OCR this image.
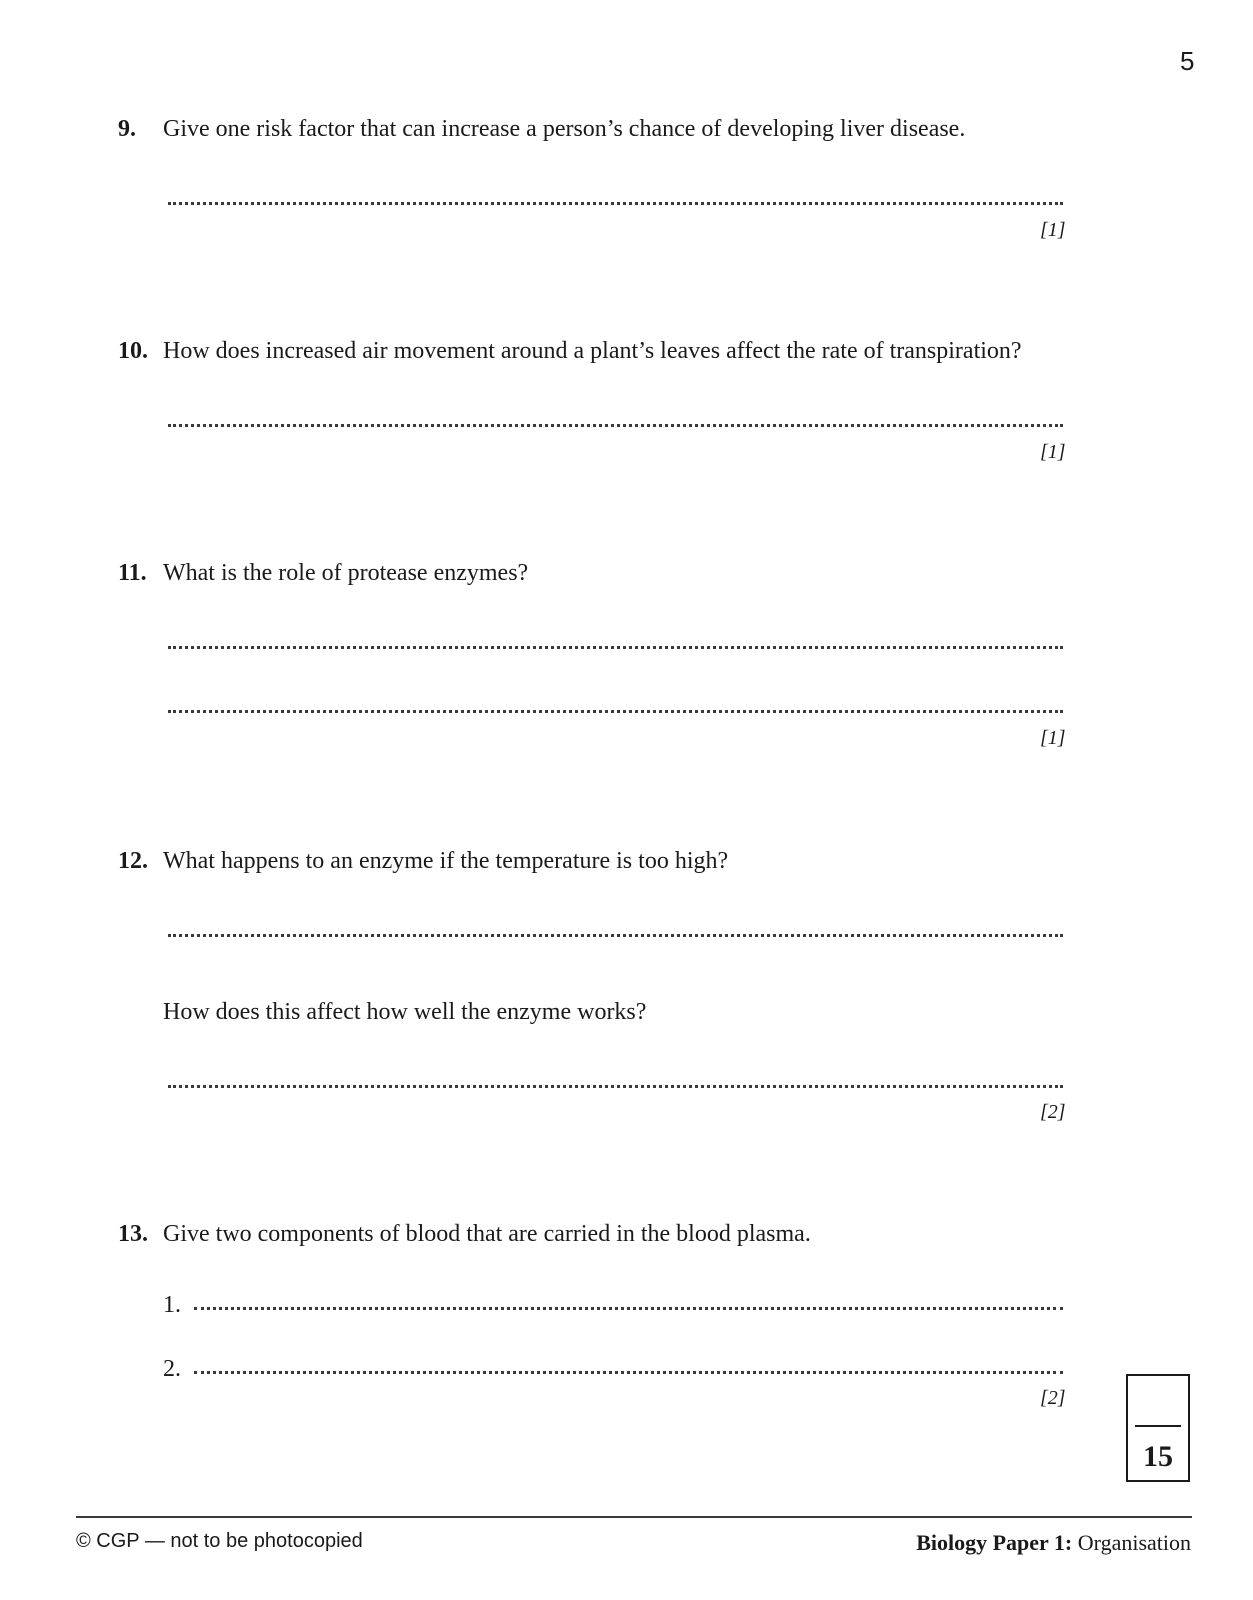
5
9. Give one risk factor that can increase a person’s chance of developing liver disease.
[1]
10. How does increased air movement around a plant’s leaves affect the rate of transpiration?
[1]
11. What is the role of protease enzymes?
[1]
12. What happens to an enzyme if the temperature is too high?
How does this affect how well the enzyme works?
[2]
13. Give two components of blood that are carried in the blood plasma.
1.
2.
[2]
15
© CGP — not to be photocopied	Biology Paper 1: Organisation
